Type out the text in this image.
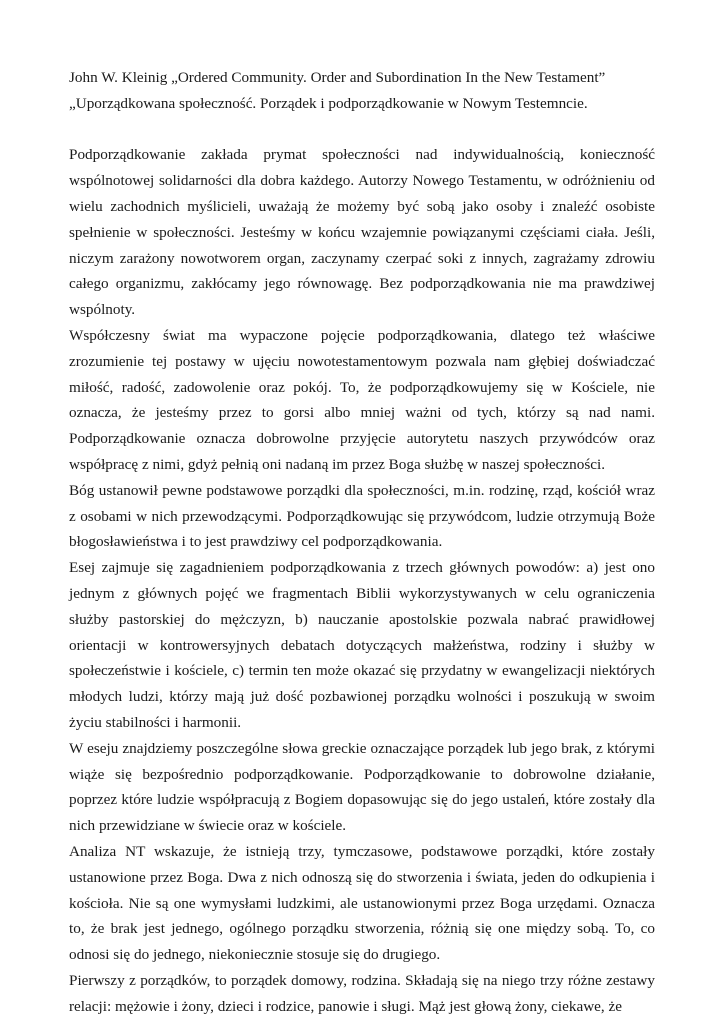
John W. Kleinig „Ordered Community. Order and Subordination In the New Testament”

„Uporządkowana społeczność. Porządek i podporządkowanie w Nowym Testemncie.

Podporządkowanie zakłada prymat społeczności nad indywidualnością, konieczność wspólnotowej solidarności dla dobra każdego. Autorzy Nowego Testamentu, w odróżnieniu od wielu zachodnich myślicieli, uważają że możemy być sobą jako osoby i znaleźć osobiste spełnienie w społeczności. Jesteśmy w końcu wzajemnie powiązanymi częściami ciała. Jeśli, niczym zarażony nowotworem organ, zaczynamy czerpać soki z innych, zagrażamy zdrowiu całego organizmu, zakłócamy jego równowagę. Bez podporządkowania nie ma prawdziwej wspólnoty.

Współczesny świat ma wypaczone pojęcie podporządkowania, dlatego też właściwe zrozumienie tej postawy w ujęciu nowotestamentowym pozwala nam głębiej doświadczać miłość, radość, zadowolenie oraz pokój. To, że podporządkowujemy się w Kościele, nie oznacza, że jesteśmy przez to gorsi albo mniej ważni od tych, którzy są nad nami. Podporządkowanie oznacza dobrowolne przyjęcie autorytetu naszych przywódców oraz współpracę z nimi, gdyż pełnią oni nadaną im przez Boga służbę w naszej społeczności.

Bóg ustanowił pewne podstawowe porządki dla społeczności, m.in. rodzinę, rząd, kościół wraz z osobami w nich przewodzącymi. Podporządkowując się przywódcom, ludzie otrzymują Boże błogosławieństwa i to jest prawdziwy cel podporządkowania.

Esej zajmuje się zagadnieniem podporządkowania z trzech głównych powodów: a) jest ono jednym z głównych pojęć we fragmentach Biblii wykorzystywanych w celu ograniczenia służby pastorskiej do mężczyzn, b) nauczanie apostolskie pozwala nabrać prawidłowej orientacji w kontrowersyjnych debatach dotyczących małżeństwa, rodziny i służby w społeczeństwie i kościele, c) termin ten może okazać się przydatny w ewangelizacji niektórych młodych ludzi, którzy mają już dość pozbawionej porządku wolności i poszukują w swoim życiu stabilności i harmonii.

W eseju znajdziemy poszczególne słowa greckie oznaczające porządek lub jego brak, z którymi wiąże się bezpośrednio podporządkowanie. Podporządkowanie to dobrowolne działanie, poprzez które ludzie współpracują z Bogiem dopasowując się do jego ustaleń, które zostały dla nich przewidziane w świecie oraz w kościele.

Analiza NT wskazuje, że istnieją trzy, tymczasowe, podstawowe porządki, które zostały ustanowione przez Boga. Dwa z nich odnoszą się do stworzenia i świata, jeden do odkupienia i kościoła. Nie są one wymysłami ludzkimi, ale ustanowionymi przez Boga urzędami. Oznacza to, że brak jest jednego, ogólnego porządku stworzenia, różnią się one między sobą. To, co odnosi się do jednego, niekoniecznie stosuje się do drugiego.

Pierwszy z porządków, to porządek domowy, rodzina. Składają się na niego trzy różne zestawy relacji: mężowie i żony, dzieci i rodzice, panowie i sługi. Mąż jest głową żony, ciekawe, że
